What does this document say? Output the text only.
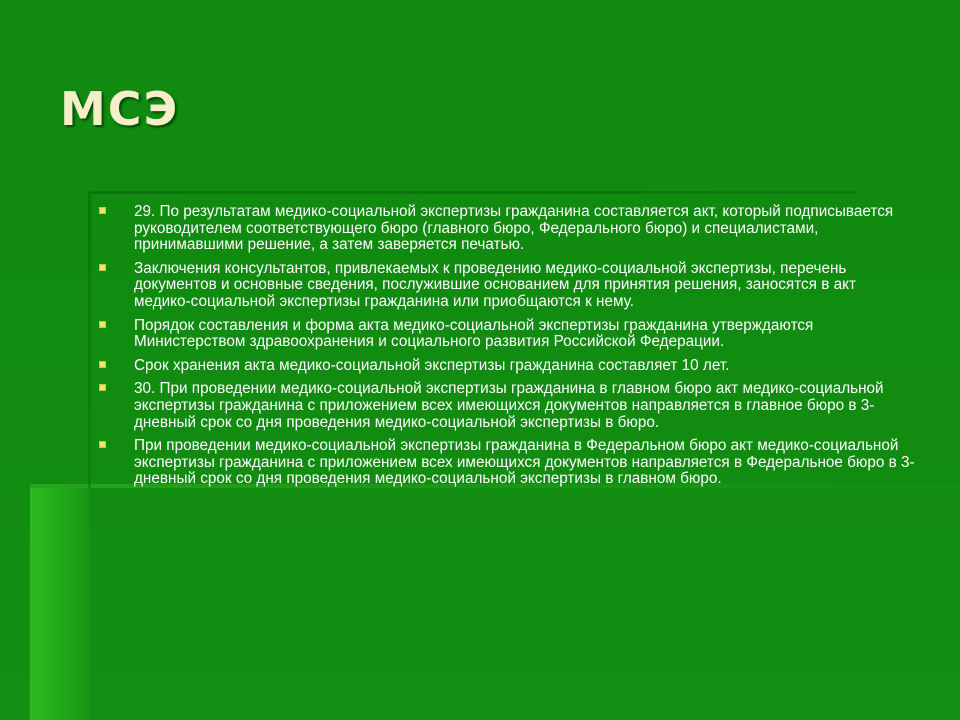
МСЭ
29. По результатам медико-социальной экспертизы гражданина составляется акт, который подписывается руководителем соответствующего бюро (главного бюро, Федерального бюро) и специалистами, принимавшими решение, а затем заверяется печатью.
Заключения консультантов, привлекаемых к проведению медико-социальной экспертизы, перечень документов и основные сведения, послужившие основанием для принятия решения, заносятся в акт медико-социальной экспертизы гражданина или приобщаются к нему.
Порядок составления и форма акта медико-социальной экспертизы гражданина утверждаются Министерством здравоохранения и социального развития Российской Федерации.
Срок хранения акта медико-социальной экспертизы гражданина составляет 10 лет.
30. При проведении медико-социальной экспертизы гражданина в главном бюро акт медико-социальной экспертизы гражданина с приложением всех имеющихся документов направляется в главное бюро в 3-дневный срок со дня проведения медико-социальной экспертизы в бюро.
При проведении медико-социальной экспертизы гражданина в Федеральном бюро акт медико-социальной экспертизы гражданина с приложением всех имеющихся документов направляется в Федеральное бюро в 3-дневный срок со дня проведения медико-социальной экспертизы в главном бюро.
